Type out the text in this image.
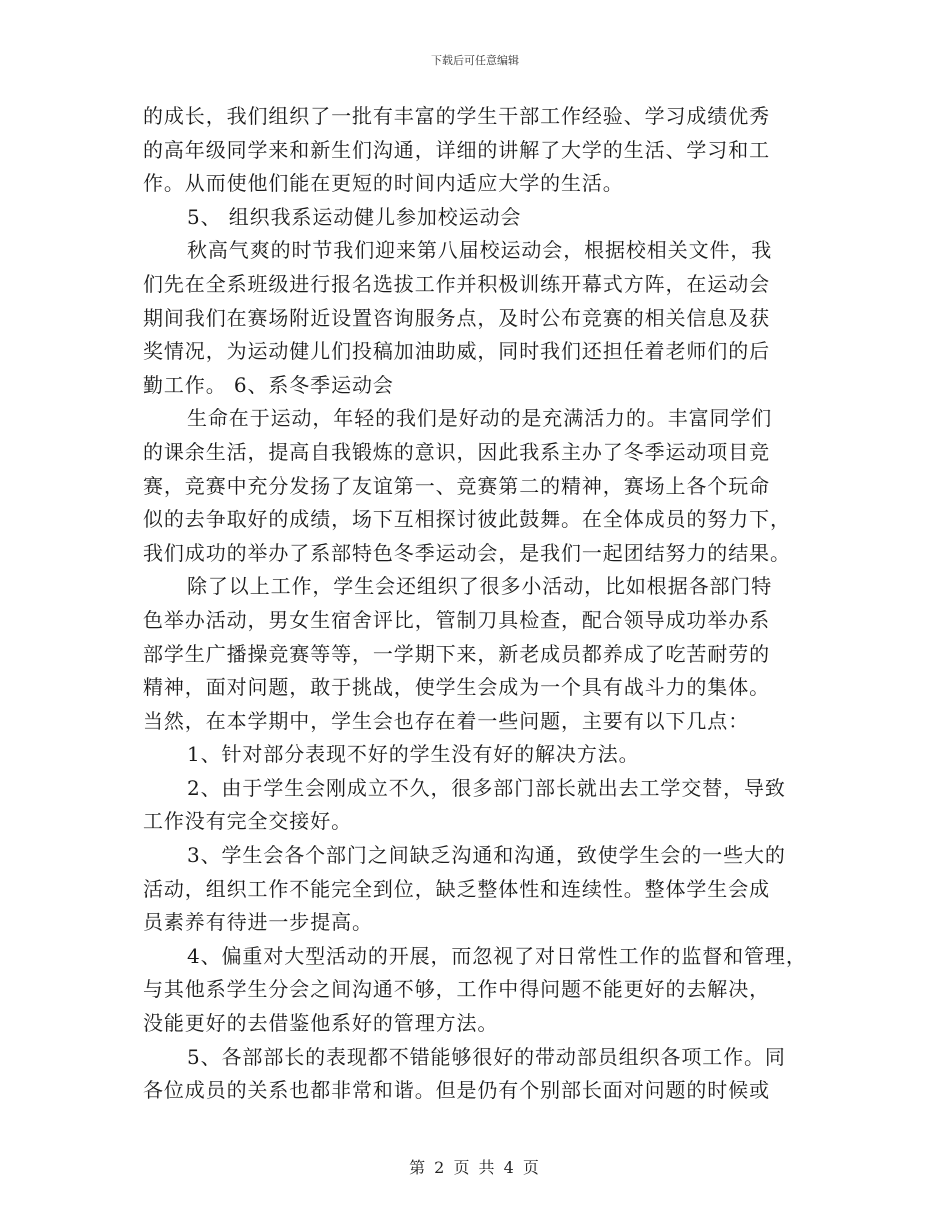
下载后可任意编辑
的成长，我们组织了一批有丰富的学生干部工作经验、学习成绩优秀
的高年级同学来和新生们沟通，详细的讲解了大学的生活、学习和工
作。从而使他们能在更短的时间内适应大学的生活。
5、 组织我系运动健儿参加校运动会
秋高气爽的时节我们迎来第八届校运动会，根据校相关文件，我
们先在全系班级进行报名选拔工作并积极训练开幕式方阵，在运动会
期间我们在赛场附近设置咨询服务点，及时公布竞赛的相关信息及获
奖情况，为运动健儿们投稿加油助威，同时我们还担任着老师们的后
勤工作。 6、系冬季运动会
生命在于运动，年轻的我们是好动的是充满活力的。丰富同学们
的课余生活，提高自我锻炼的意识，因此我系主办了冬季运动项目竞
赛，竞赛中充分发扬了友谊第一、竞赛第二的精神，赛场上各个玩命
似的去争取好的成绩，场下互相探讨彼此鼓舞。在全体成员的努力下，
我们成功的举办了系部特色冬季运动会，是我们一起团结努力的结果。
除了以上工作，学生会还组织了很多小活动，比如根据各部门特
色举办活动，男女生宿舍评比，管制刀具检查，配合领导成功举办系
部学生广播操竞赛等等，一学期下来，新老成员都养成了吃苦耐劳的
精神，面对问题，敢于挑战，使学生会成为一个具有战斗力的集体。
当然，在本学期中，学生会也存在着一些问题，主要有以下几点：
1、针对部分表现不好的学生没有好的解决方法。
2、由于学生会刚成立不久，很多部门部长就出去工学交替，导致
工作没有完全交接好。
3、学生会各个部门之间缺乏沟通和沟通，致使学生会的一些大的
活动，组织工作不能完全到位，缺乏整体性和连续性。整体学生会成
员素养有待进一步提高。
4、偏重对大型活动的开展，而忽视了对日常性工作的监督和管理，
与其他系学生分会之间沟通不够，工作中得问题不能更好的去解决，
没能更好的去借鉴他系好的管理方法。
5、各部部长的表现都不错能够很好的带动部员组织各项工作。同
各位成员的关系也都非常和谐。但是仍有个别部长面对问题的时候或
第 2 页 共 4 页
